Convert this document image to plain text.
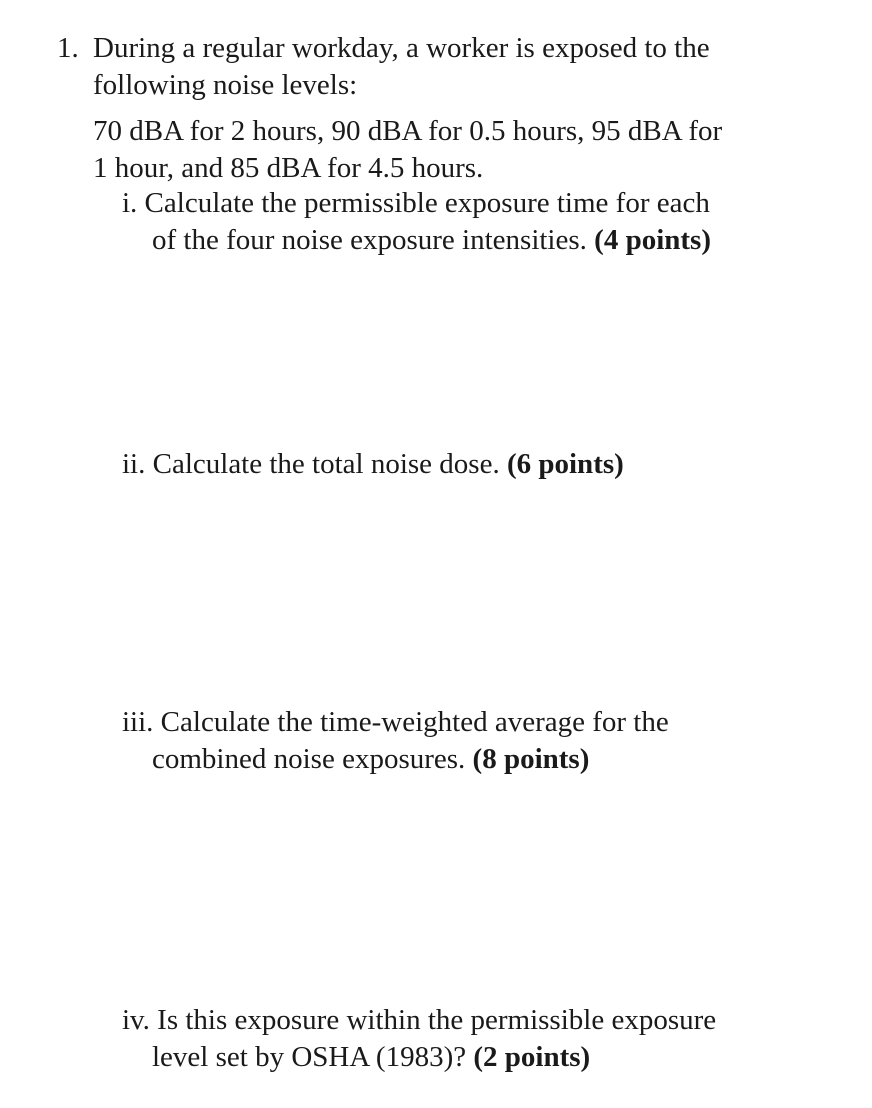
1. During a regular workday, a worker is exposed to the
following noise levels:
70 dBA for 2 hours, 90 dBA for 0.5 hours, 95 dBA for
1 hour, and 85 dBA for 4.5 hours.
i. Calculate the permissible exposure time for each
of the four noise exposure intensities. (4 points)
ii. Calculate the total noise dose. (6 points)
iii. Calculate the time-weighted average for the
combined noise exposures. (8 points)
iv. Is this exposure within the permissible exposure
level set by OSHA (1983)? (2 points)
